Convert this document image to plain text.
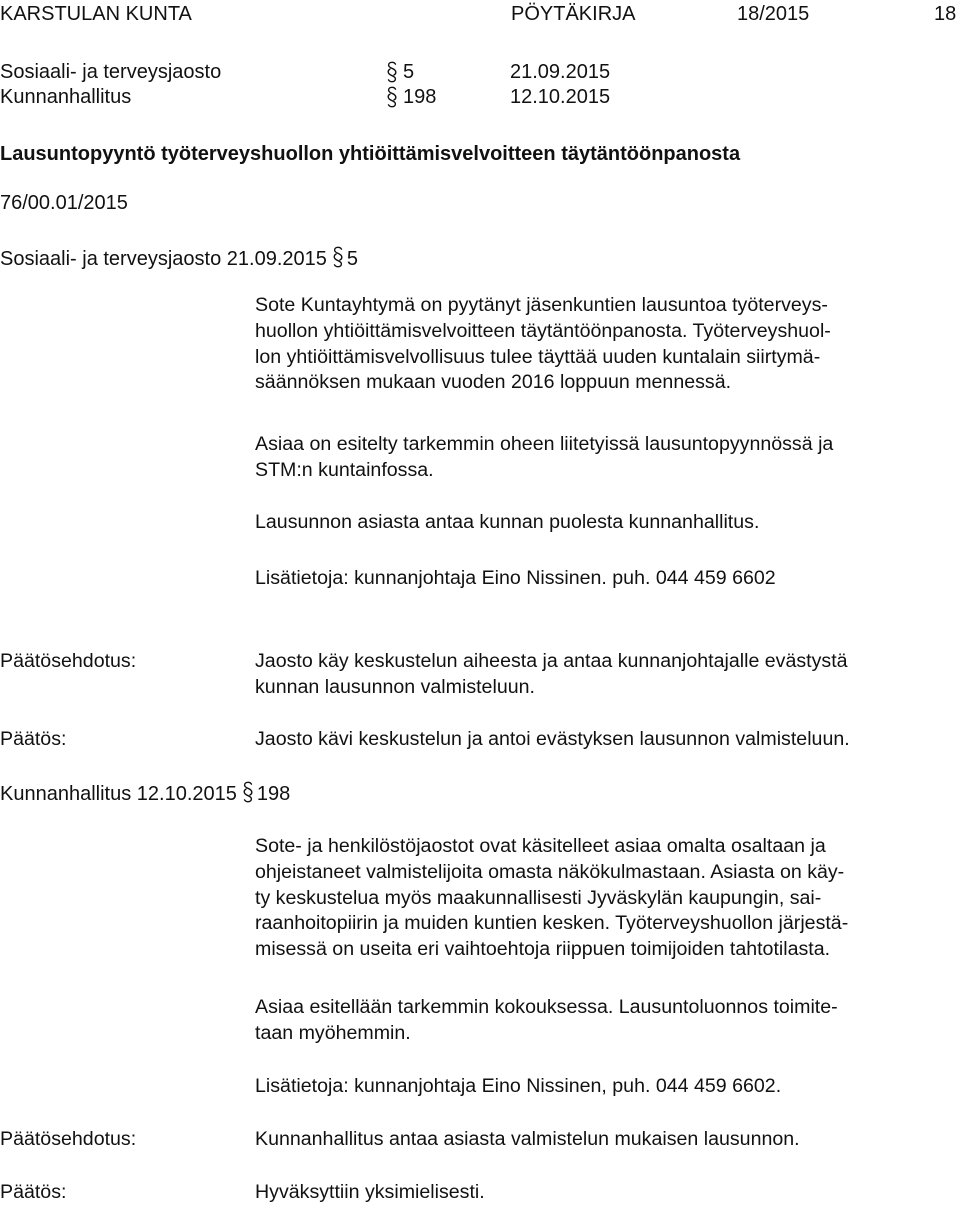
KARSTULAN KUNTA	PÖYTÄKIRJA	18/2015	18
Sosiaali- ja terveysjaosto	5	21.09.2015
Kunnanhallitus	198	12.10.2015
Lausuntopyyntö työterveyshuollon yhtiöittämisvelvoitteen täytäntöönpanosta
76/00.01/2015
Sosiaali- ja terveysjaosto 21.09.2015 5
Sote Kuntayhtymä on pyytänyt jäsenkuntien lausuntoa työterveys-
huollon yhtiöittämisvelvoitteen täytäntöönpanosta. Työterveyshuol-
lon yhtiöittämisvelvollisuus tulee täyttää uuden kuntalain siirtymä-
säännöksen mukaan vuoden 2016 loppuun mennessä.
Asiaa on esitelty tarkemmin oheen liitetyissä lausuntopyynnössä ja
STM:n kuntainfossa.
Lausunnon asiasta antaa kunnan puolesta kunnanhallitus.
Lisätietoja: kunnanjohtaja Eino Nissinen. puh. 044 459 6602
Päätösehdotus:	Jaosto käy keskustelun aiheesta ja antaa kunnanjohtajalle evästystä
kunnan lausunnon valmisteluun.
Päätös:	Jaosto kävi keskustelun ja antoi evästyksen lausunnon valmisteluun.
Kunnanhallitus 12.10.2015 198
Sote- ja henkilöstöjaostot ovat käsitelleet asiaa omalta osaltaan ja
ohjeistaneet valmistelijoita omasta näkökulmastaan. Asiasta on käy-
ty keskustelua myös maakunnallisesti Jyväskylän kaupungin, sai-
raanhoitopiirin ja muiden kuntien kesken. Työterveyshuollon järjestä-
misessä on useita eri vaihtoehtoja riippuen toimijoiden tahtotilasta.
Asiaa esitellään tarkemmin kokouksessa. Lausuntoluonnos toimite-
taan myöhemmin.
Lisätietoja: kunnanjohtaja Eino Nissinen, puh. 044 459 6602.
Päätösehdotus:	Kunnanhallitus antaa asiasta valmistelun mukaisen lausunnon.
Päätös:	Hyväksyttiin yksimielisesti.
